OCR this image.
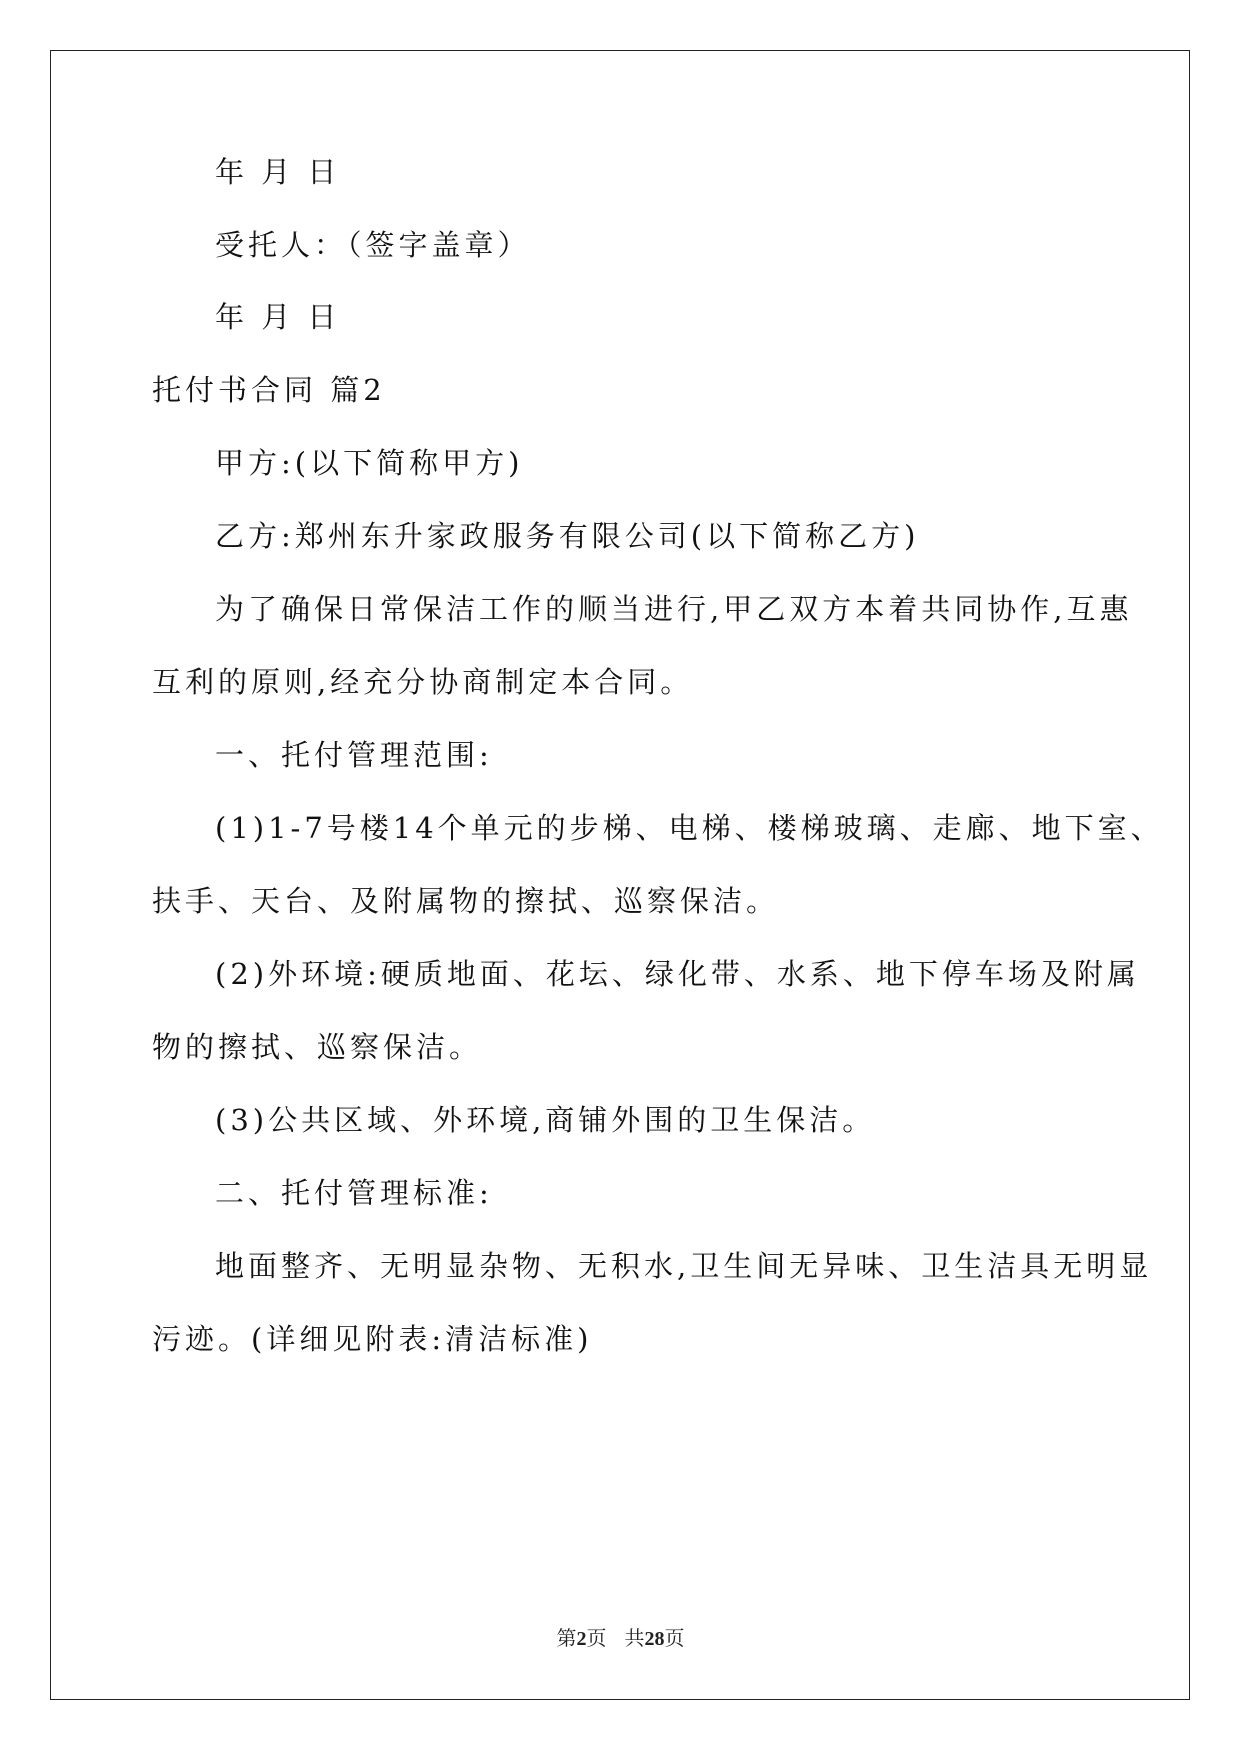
年 月 日
受托人：（签字盖章）
年 月 日
托付书合同 篇2
甲方:(以下简称甲方)
乙方:郑州东升家政服务有限公司(以下简称乙方)
为了确保日常保洁工作的顺当进行,甲乙双方本着共同协作,互惠
互利的原则,经充分协商制定本合同。
一、托付管理范围:
(1)1-7号楼14个单元的步梯、电梯、楼梯玻璃、走廊、地下室、
扶手、天台、及附属物的擦拭、巡察保洁。
(2)外环境:硬质地面、花坛、绿化带、水系、地下停车场及附属
物的擦拭、巡察保洁。
(3)公共区域、外环境,商铺外围的卫生保洁。
二、托付管理标准:
地面整齐、无明显杂物、无积水,卫生间无异味、卫生洁具无明显
污迹。(详细见附表:清洁标准)
第2页 共28页
